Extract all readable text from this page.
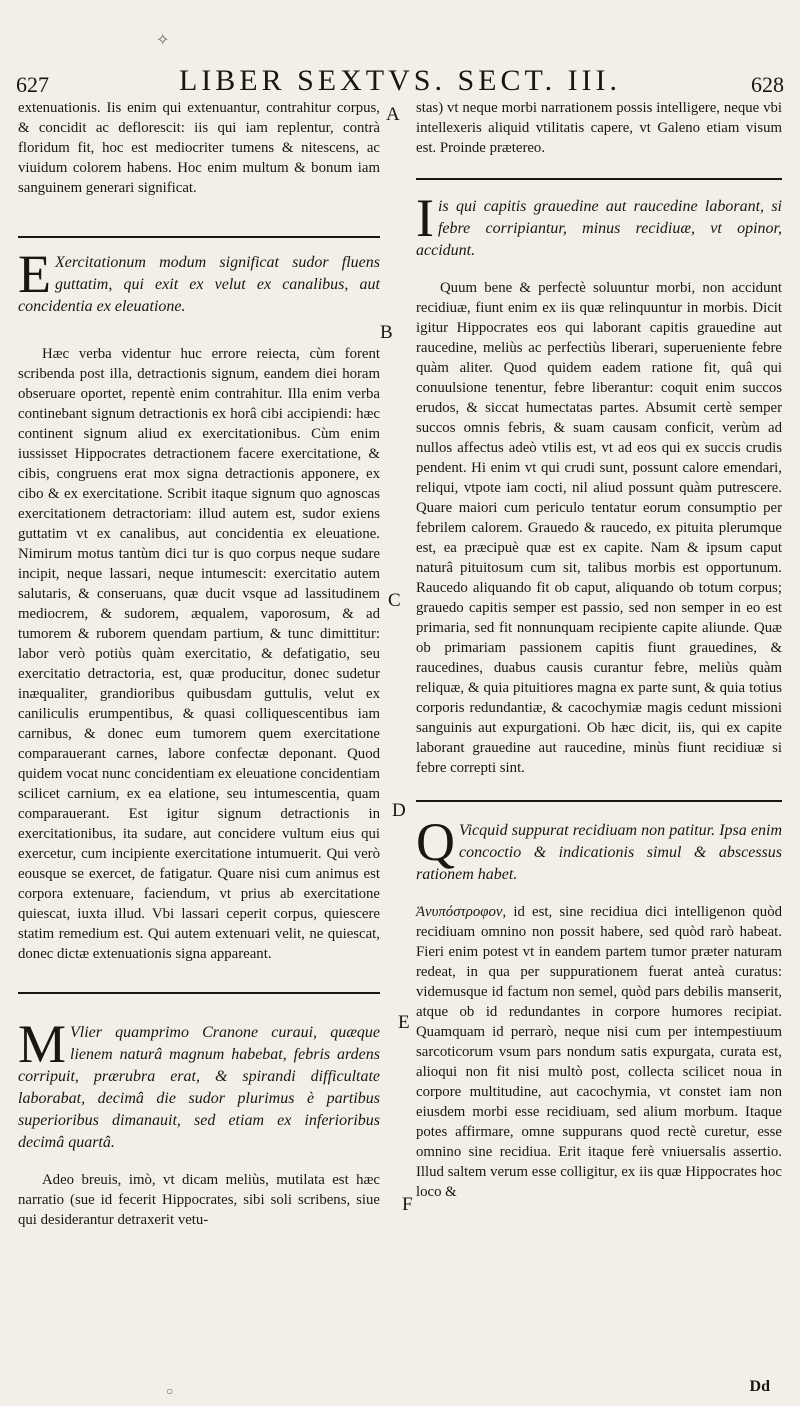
✧
627	LIBER SEXTVS. SECT. III.	628

extenuationis. Iis enim qui extenuantur, contrahitur corpus, & concidit ac deflorescit: iis qui iam replentur, contrà floridum fit, hoc est mediocriter tumens & nitescens, ac viuidum colorem habens. Hoc enim multum & bonum iam sanguinem generari significat.

E Xercitationum modum significat sudor fluens guttatim, qui exit ex velut ex canalibus, aut concidentia ex eleuatione.

Hæc verba videntur huc errore reiecta, cùm forent scribenda post illa, detractionis signum, eandem diei horam obseruare oportet, repentè enim contrahitur. Illa enim verba continebant signum detractionis ex horâ cibi accipiendi: hæc continent signum aliud ex exercitationibus. Cùm enim iussisset Hippocrates detractionem facere exercitatione, & cibis, congruens erat mox signa detractionis apponere, ex cibo & ex exercitatione. Scribit itaque signum quo agnoscas exercitationem detractoriam: illud autem est, sudor exiens guttatim vt ex canalibus, aut concidentia ex eleuatione. Nimirum motus tantùm dici tur is quo corpus neque sudare incipit, neque lassari, neque intumescit: exercitatio autem salutaris, & conseruans, quæ ducit vsque ad lassitudinem mediocrem, & sudorem, æqualem, vaporosum, & ad tumorem & ruborem quendam partium, & tunc dimittitur: labor verò potiùs quàm exercitatio, & defatigatio, seu exercitatio detractoria, est, quæ producitur, donec sudetur inæqualiter, grandioribus quibusdam guttulis, velut ex caniliculis erumpentibus, & quasi colliquescentibus iam carnibus, & donec eum tumorem quem exercitatione comparauerant carnes, labore confectæ deponant. Quod quidem vocat nunc concidentiam ex eleuatione concidentiam scilicet carnium, ex ea elatione, seu intumescentia, quam comparauerant. Est igitur signum detractionis in exercitationibus, ita sudare, aut concidere vultum eius qui exercetur, cum incipiente exercitatione intumuerit. Qui verò eousque se exercet, de fatigatur. Quare nisi cum animus est corpora extenuare, faciendum, vt prius ab exercitatione quiescat, iuxta illud. Vbi lassari ceperit corpus, quiescere statim remedium est. Qui autem extenuari velit, ne quiescat, donec dictæ extenuationis signa appareant.

M Vlier quamprimo Cranone curaui, quæque lienem naturâ magnum habebat, febris ardens corripuit, prærubra erat, & spirandi difficultate laborabat, decimâ die sudor plurimus è partibus superioribus dimanauit, sed etiam ex inferioribus decimâ quartâ.

Adeo breuis, imò, vt dicam meliùs, mutilata est hæc narratio (sue id fecerit Hippocrates, sibi soli scribens, siue qui desiderantur detraxerit vetu-

stas) vt neque morbi narrationem possis intelligere, neque vbi intellexeris aliquid vtilitatis capere, vt Galeno etiam visum est. Proinde prætereo.

Iis qui capitis grauedine aut raucedine laborant, si febre corripiantur, minus recidiuæ, vt opinor, accidunt.

Quum bene & perfectè soluuntur morbi, non accidunt recidiuæ, fiunt enim ex iis quæ relinquuntur in morbis. Dicit igitur Hippocrates eos qui laborant capitis grauedine aut raucedine, meliùs ac perfectiùs liberari, superueniente febre quàm aliter. Quod quidem eadem ratione fit, quâ qui conuulsione tenentur, febre liberantur: coquit enim succos erudos, & siccat humectatas partes. Absumit certè semper succos omnis febris, & suam causam conficit, verùm ad nullos affectus adeò vtilis est, vt ad eos qui ex succis crudis pendent. Hi enim vt qui crudi sunt, possunt calore emendari, reliqui, vtpote iam cocti, nil aliud possunt quàm putrescere. Quare maiori cum periculo tentatur eorum consumptio per febrilem calorem. Grauedo & raucedo, ex pituita plerumque est, ea præcipuè quæ est ex capite. Nam & ipsum caput naturâ pituitosum cum sit, talibus morbis est opportunum. Raucedo aliquando fit ob caput, aliquando ob totum corpus; grauedo capitis semper est passio, sed non semper in eo est primaria, sed fit nonnunquam recipiente capite aliunde. Quæ ob primariam passionem capitis fiunt grauedines, & raucedines, duabus causis curantur febre, meliùs quàm reliquæ, & quia pituitiores magna ex parte sunt, & quia totius corporis redundantiæ, & cacochymiæ magis cedunt missioni sanguinis aut expurgationi. Ob hæc dicit, iis, qui ex capite laborant grauedine aut raucedine, minùs fiunt recidiuæ si febre correpti sint.

Q Vicquid suppurat recidiuam non patitur. Ipsa enim concoctio & indicationis simul & abscessus rationem habet.

Ἀνυπόστροφον, id est, sine recidiua dici intelligenon quòd recidiuam omnino non possit habere, sed quòd rarò habeat. Fieri enim potest vt in eandem partem tumor præter naturam redeat, in qua per suppurationem fuerat anteà curatus: videmusque id factum non semel, quòd pars debilis manserit, atque ob id redundantes in corpore humores recipiat. Quamquam id perrarò, neque nisi cum per intempestiuum sarcoticorum vsum pars nondum satis expurgata, curata est, alioqui non fit nisi multò post, collecta scilicet noua in corpore multitudine, aut cacochymia, vt constet iam non eiusdem morbi esse recidiuam, sed alium morbum. Itaque potes affirmare, omne suppurans quod rectè curetur, esse omnino sine recidiua. Erit itaque ferè vniuersalis assertio. Illud saltem verum esse colligitur, ex iis quæ Hippocrates hoc loco &

A
B
C
D
E
F
Dd
○
